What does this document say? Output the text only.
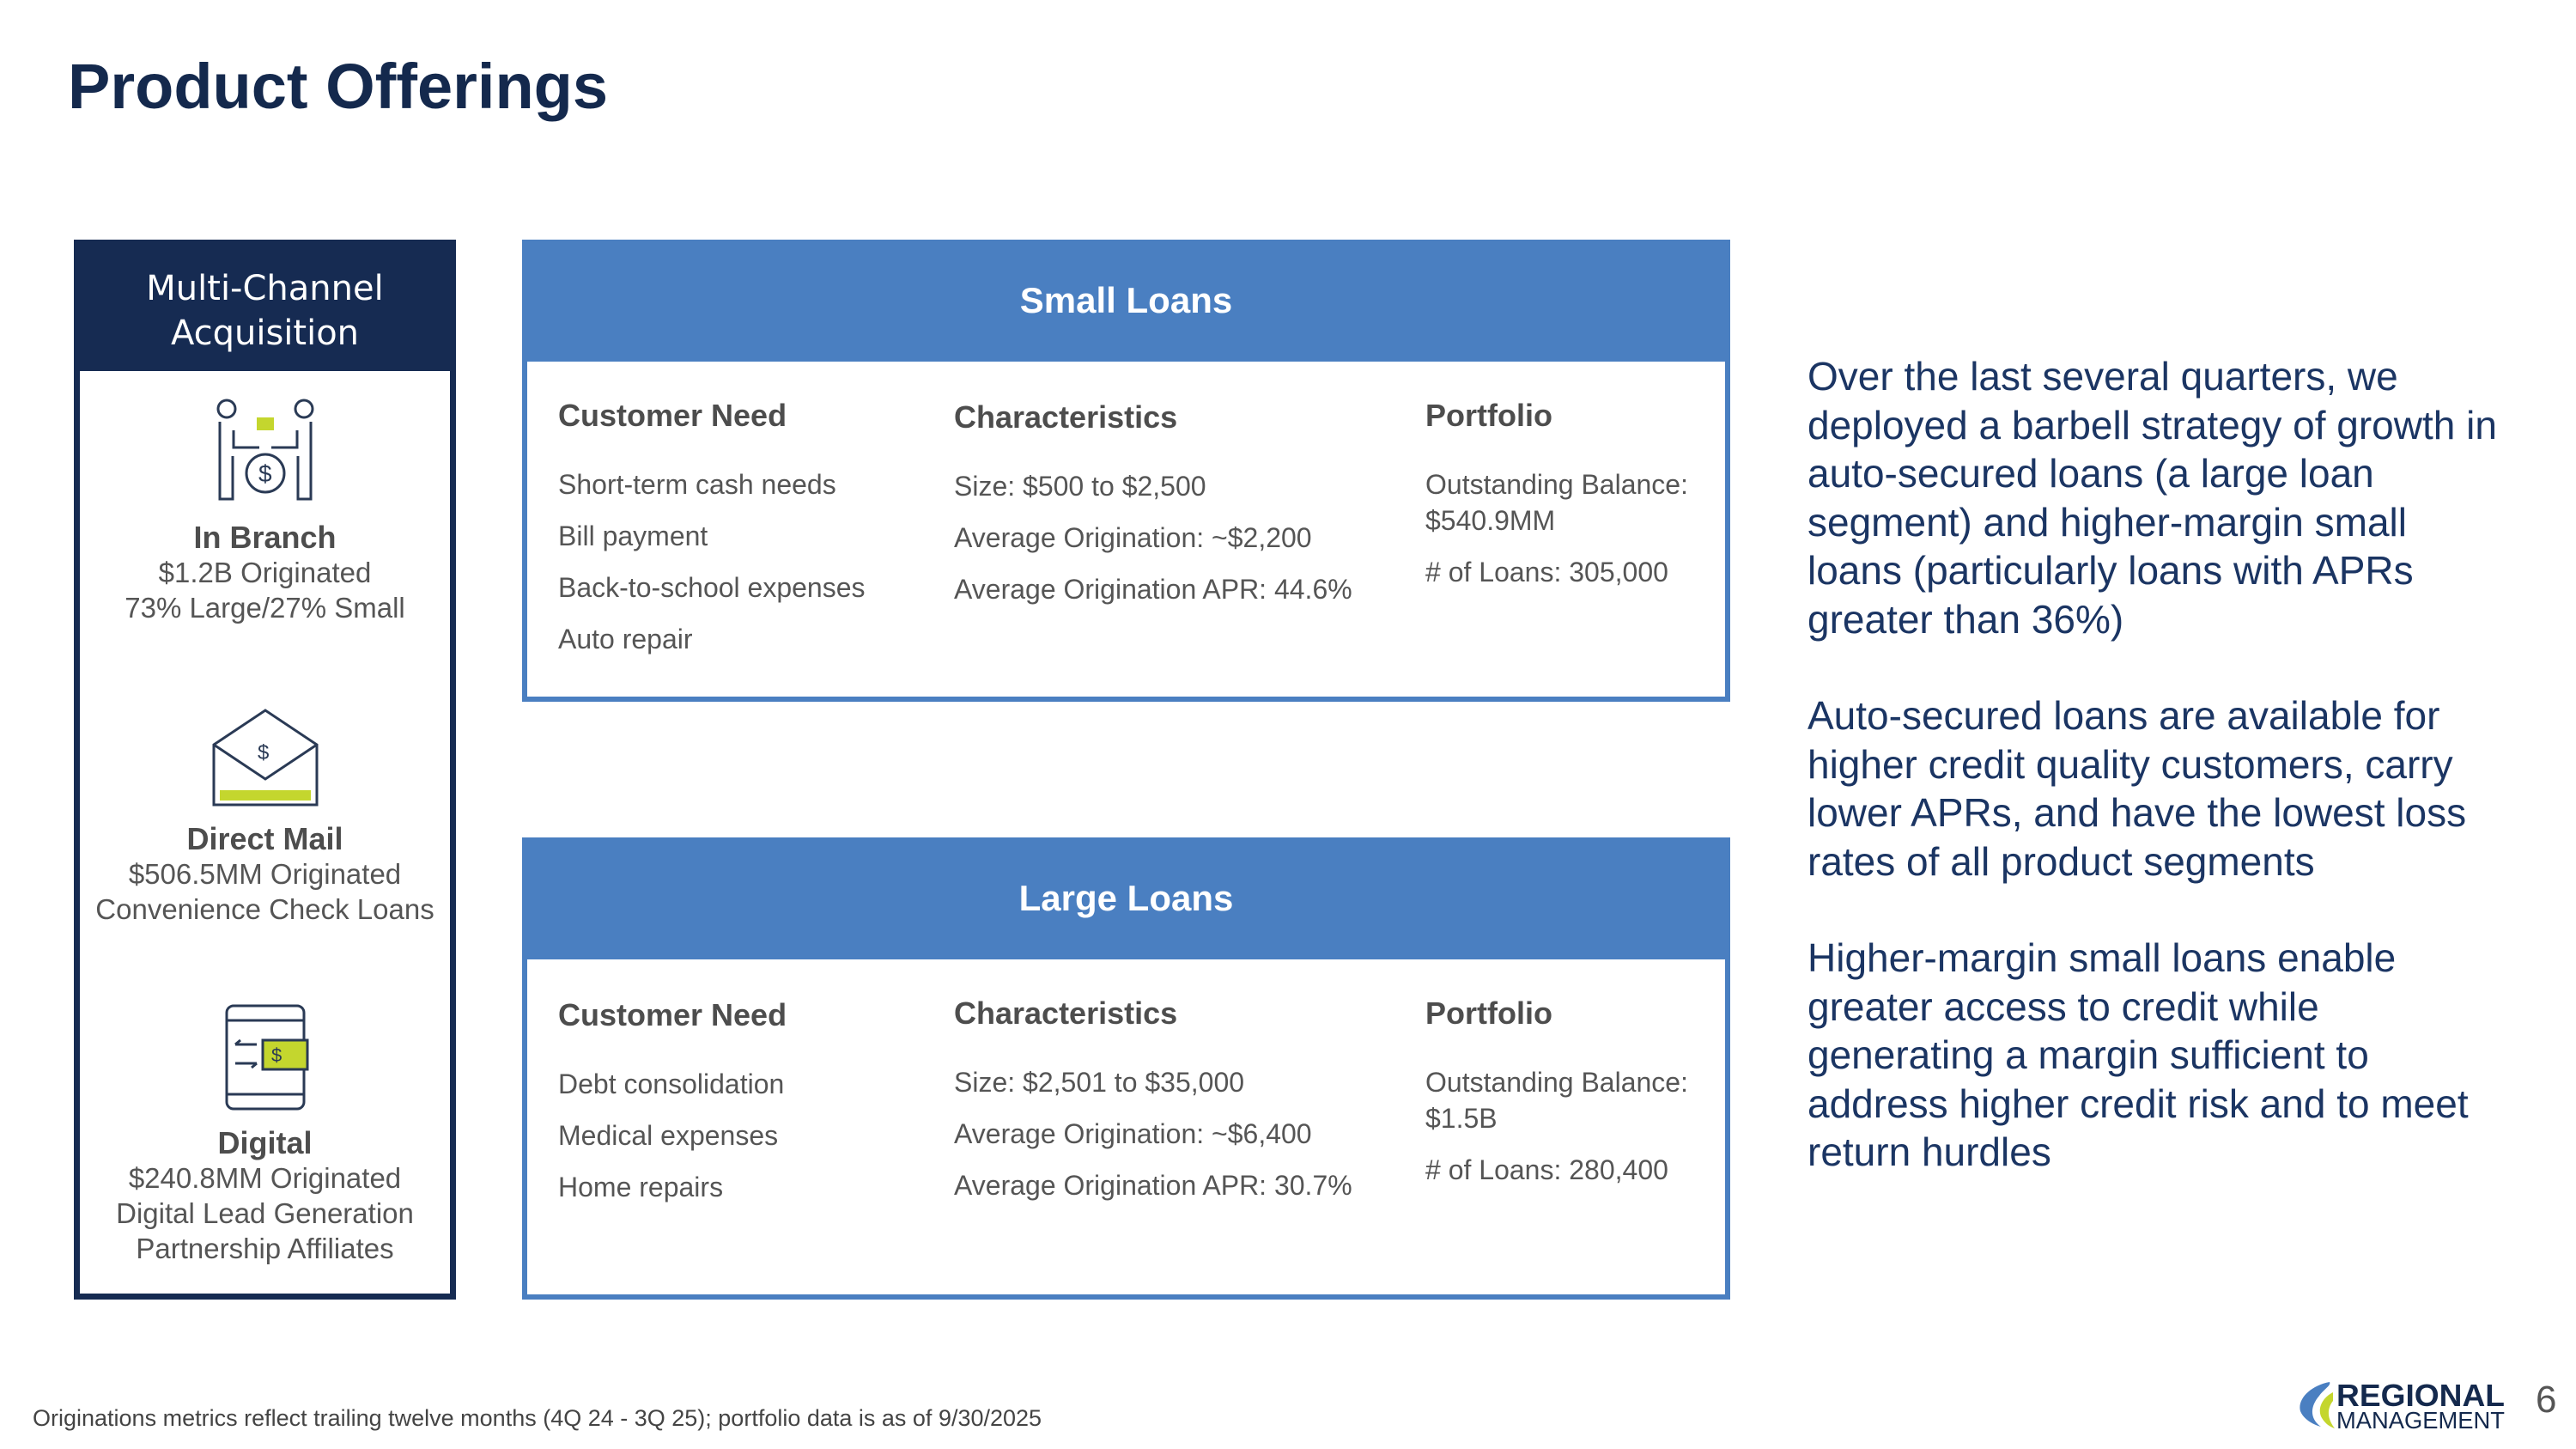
Product Offerings
Multi-Channel Acquisition
$
In Branch
$1.2B Originated
73% Large/27% Small
$
Direct Mail
$506.5MM Originated
Convenience Check Loans
$
Digital
$240.8MM Originated
Digital Lead Generation
Partnership Affiliates
Small Loans
Customer Need
Short-term cash needs
Bill payment
Back-to-school expenses
Auto repair
Characteristics
Size: $500 to $2,500
Average Origination: ~$2,200
Average Origination APR: 44.6%
Portfolio
Outstanding Balance: $540.9MM
# of Loans: 305,000
Large Loans
Customer Need
Debt consolidation
Medical expenses
Home repairs
Characteristics
Size: $2,501 to $35,000
Average Origination: ~$6,400
Average Origination APR: 30.7%
Portfolio
Outstanding Balance: $1.5B
# of Loans: 280,400

Over the last several quarters, we deployed a barbell strategy of growth in auto-secured loans (a large loan segment) and higher-margin small loans (particularly loans with APRs greater than 36%)

Auto-secured loans are available for higher credit quality customers, carry lower APRs, and have the lowest loss rates of all product segments

Higher-margin small loans enable greater access to credit while generating a margin sufficient to address higher credit risk and to meet return hurdles

Originations metrics reflect trailing twelve months (4Q 24 - 3Q 25); portfolio data is as of 9/30/2025
REGIONAL
MANAGEMENT 6
